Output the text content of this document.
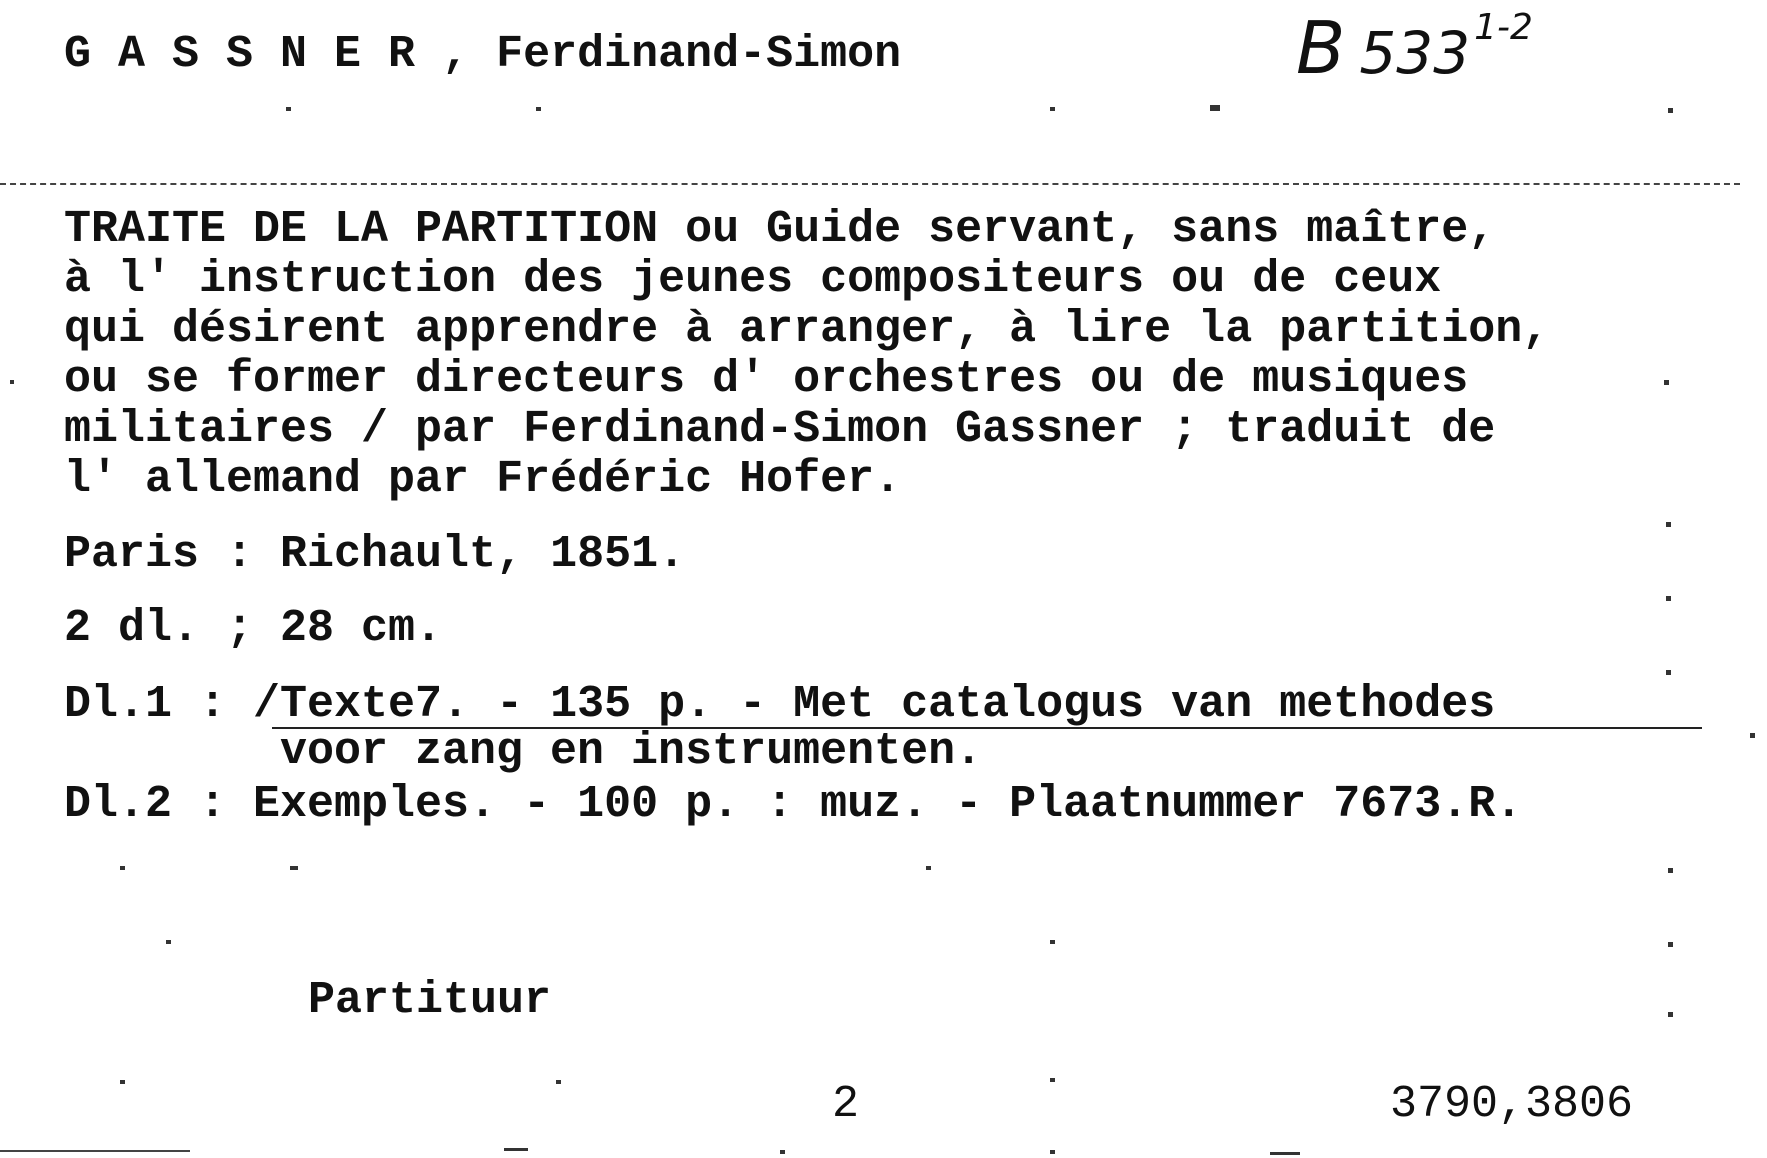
G A S S N E R , Ferdinand-Simon	B 533 1-2
TRAITE DE LA PARTITION ou Guide servant, sans maître,
à l' instruction des jeunes compositeurs ou de ceux
qui désirent apprendre à arranger, à lire la partition,
ou se former directeurs d' orchestres ou de musiques
militaires / par Ferdinand-Simon Gassner ; traduit de
l' allemand par Frédéric Hofer.
Paris : Richault, 1851.
2 dl. ; 28 cm.
Dl.1 : /Texte7. - 135 p. - Met catalogus van methodes
voor zang en instrumenten.
Dl.2 : Exemples. - 100 p. : muz. - Plaatnummer 7673.R.
Partituur
2	3790,3806
